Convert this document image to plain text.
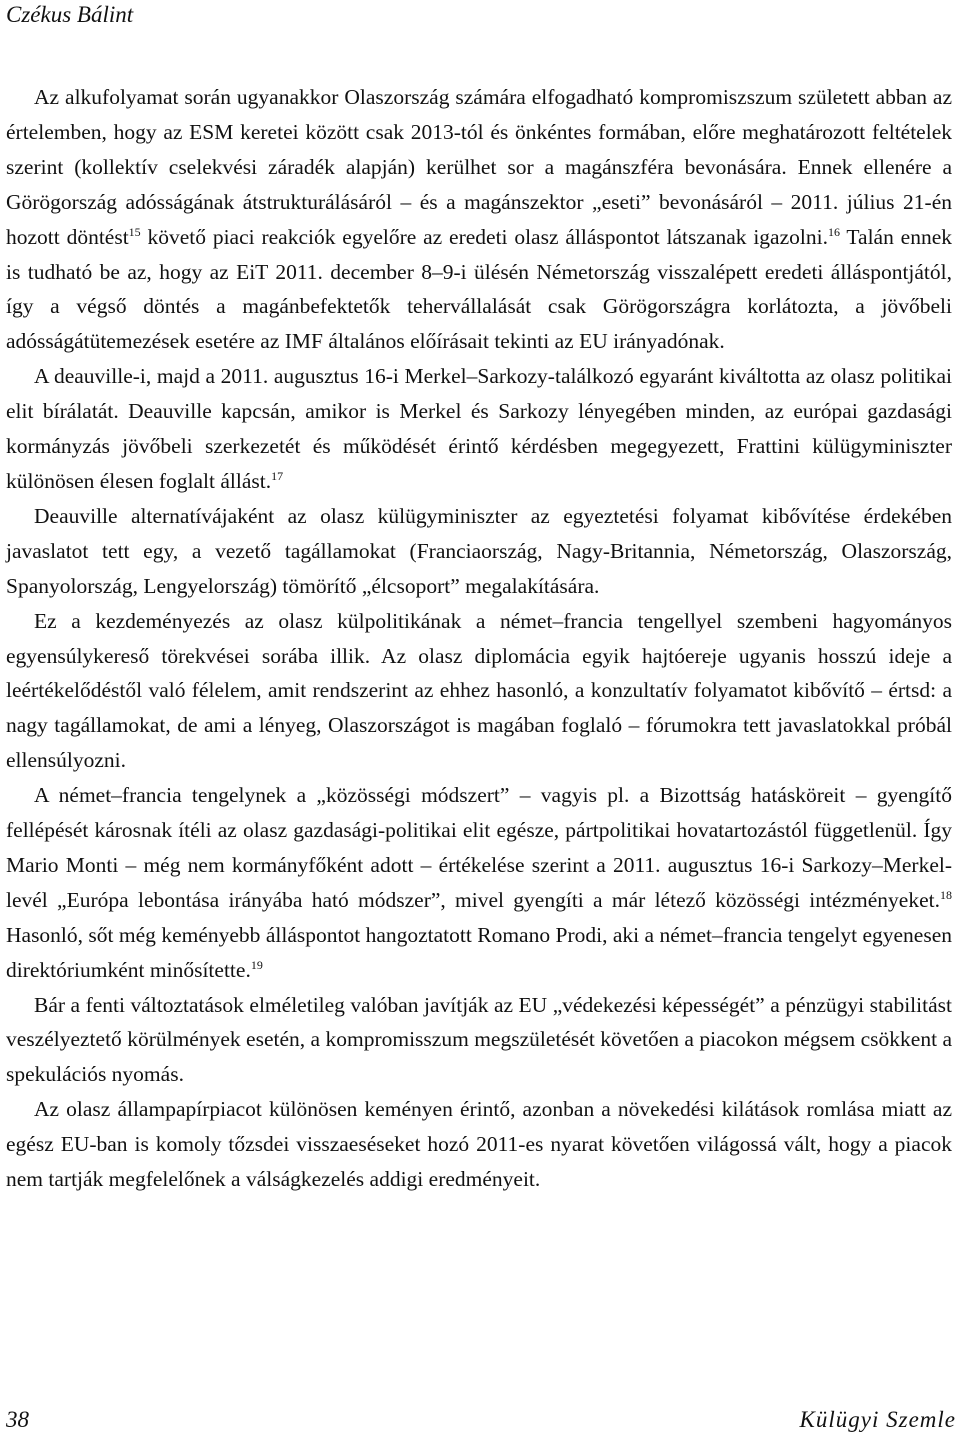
Czékus Bálint

Az alkufolyamat során ugyanakkor Olaszország számára elfogadható kompromiszszum született abban az értelemben, hogy az ESM keretei között csak 2013-tól és önkéntes formában, előre meghatározott feltételek szerint (kollektív cselekvési záradék alapján) kerülhet sor a magánszféra bevonására. Ennek ellenére a Görögország adósságának átstrukturálásáról – és a magánszektor „eseti” bevonásáról – 2011. július 21-én hozott döntést$^{15}$ követő piaci reakciók egyelőre az eredeti olasz álláspontot látszanak igazolni.$^{16}$ Talán ennek is tudható be az, hogy az EiT 2011. december 8–9-i ülésén Németország visszalépett eredeti álláspontjától, így a végső döntés a magánbefektetők tehervállalását csak Görögországra korlátozta, a jövőbeli adósságátütemezések esetére az IMF általános előírásait tekinti az EU irányadónak.

A deauville-i, majd a 2011. augusztus 16-i Merkel–Sarkozy-találkozó egyaránt kiváltotta az olasz politikai elit bírálatát. Deauville kapcsán, amikor is Merkel és Sarkozy lényegében minden, az európai gazdasági kormányzás jövőbeli szerkezetét és működését érintő kérdésben megegyezett, Frattini külügyminiszter különösen élesen foglalt állást.$^{17}$

Deauville alternatívájaként az olasz külügyminiszter az egyeztetési folyamat kibővítése érdekében javaslatot tett egy, a vezető tagállamokat (Franciaország, Nagy-Britannia, Németország, Olaszország, Spanyolország, Lengyelország) tömörítő „élcsoport” megalakítására.

Ez a kezdeményezés az olasz külpolitikának a német–francia tengellyel szembeni hagyományos egyensúlykereső törekvései sorába illik. Az olasz diplomácia egyik hajtóereje ugyanis hosszú ideje a leértékelődéstől való félelem, amit rendszerint az ehhez hasonló, a konzultatív folyamatot kibővítő – értsd: a nagy tagállamokat, de ami a lényeg, Olaszországot is magában foglaló – fórumokra tett javaslatokkal próbál ellensúlyozni.

A német–francia tengelynek a „közösségi módszert” – vagyis pl. a Bizottság hatásköreit – gyengítő fellépését károsnak ítéli az olasz gazdasági-politikai elit egésze, pártpolitikai hovatartozástól függetlenül. Így Mario Monti – még nem kormányfőként adott – értékelése szerint a 2011. augusztus 16-i Sarkozy–Merkel-levél „Európa lebontása irányába ható módszer”, mivel gyengíti a már létező közösségi intézményeket.$^{18}$ Hasonló, sőt még keményebb álláspontot hangoztatott Romano Prodi, aki a német–francia tengelyt egyenesen direktóriumként minősítette.$^{19}$

Bár a fenti változtatások elméletileg valóban javítják az EU „védekezési képességét” a pénzügyi stabilitást veszélyeztető körülmények esetén, a kompromisszum megszületését követően a piacokon mégsem csökkent a spekulációs nyomás.

Az olasz állampapírpiacot különösen keményen érintő, azonban a növekedési kilátások romlása miatt az egész EU-ban is komoly tőzsdei visszaeséseket hozó 2011-es nyarat követően világossá vált, hogy a piacok nem tartják megfelelőnek a válságkezelés addigi eredményeit.

38	Külügyi Szemle
